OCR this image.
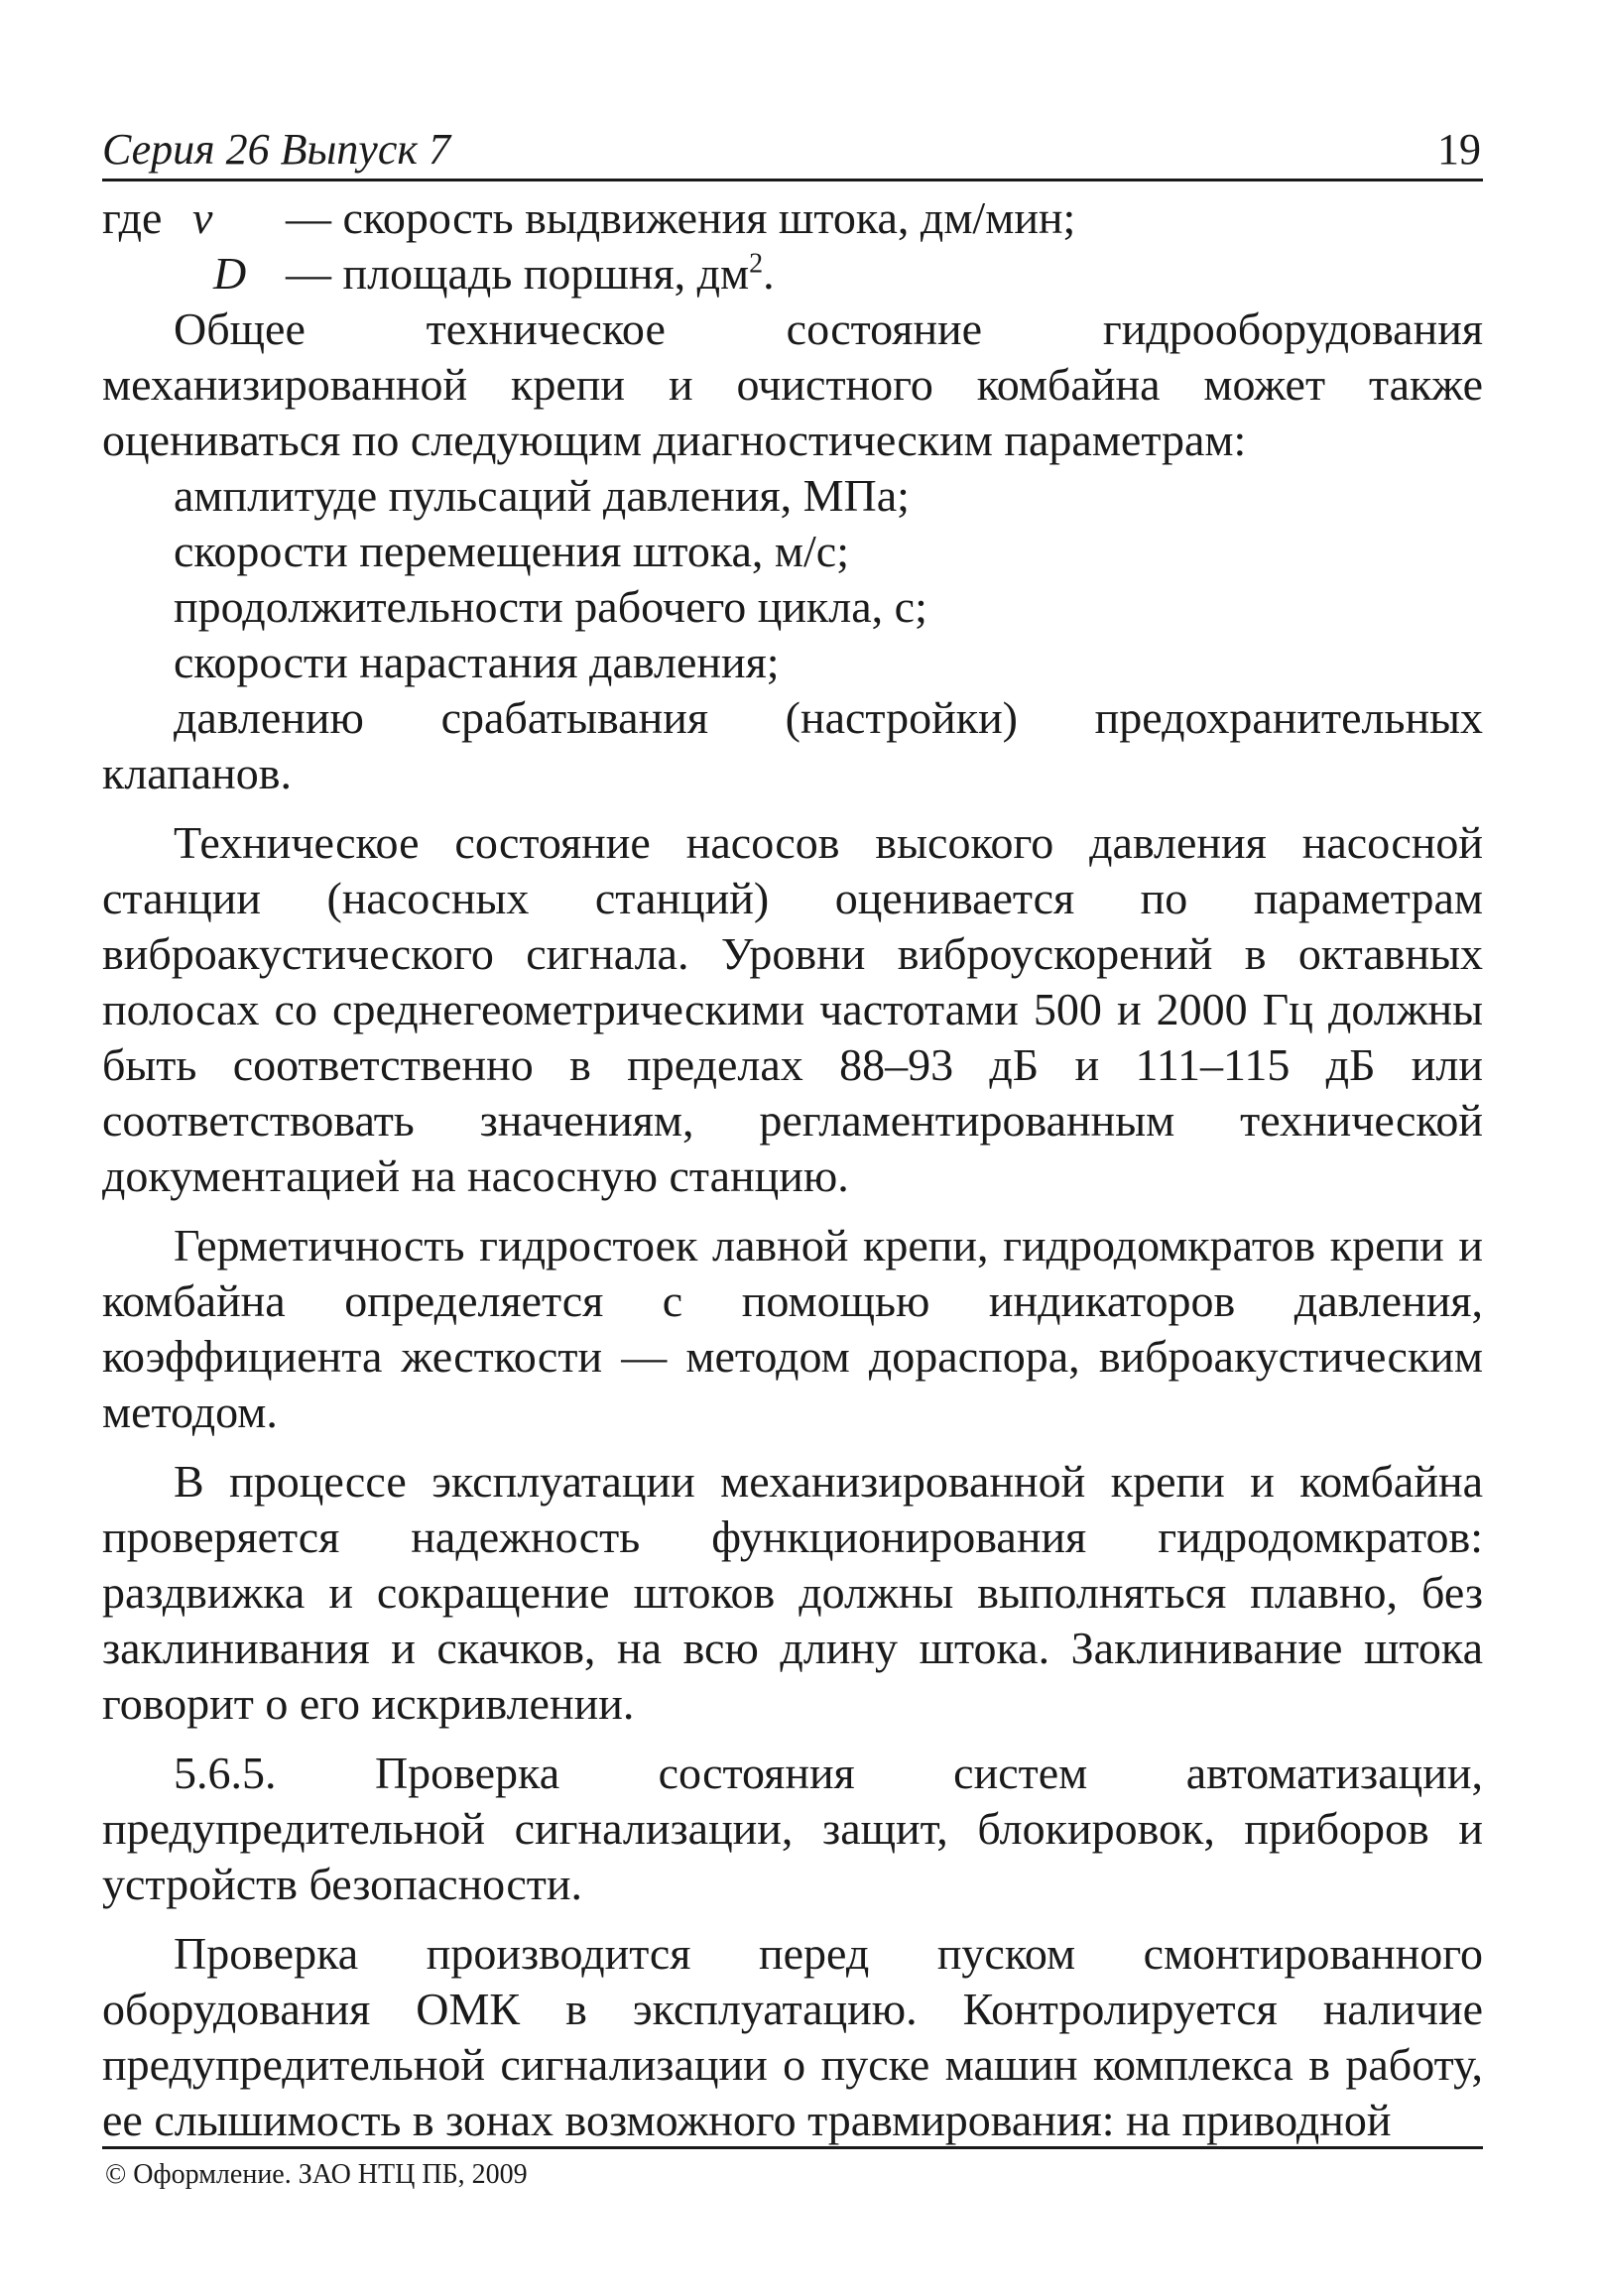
Серия 26 Выпуск 7	19
где v	— скорость выдвижения штока, дм/мин;
D — площадь поршня, $дм^2$.

Общее техническое состояние гидрооборудования механизированной крепи и очистного комбайна может также оцениваться по следующим диагностическим параметрам:

амплитуде пульсаций давления, МПа;

скорости перемещения штока, м/с;

продолжительности рабочего цикла, с;

скорости нарастания давления;

давлению срабатывания (настройки) предохранительных клапанов.

Техническое состояние насосов высокого давления насосной станции (насосных станций) оценивается по параметрам виброакустического сигнала. Уровни виброускорений в октавных полосах со среднегеометрическими частотами 500 и 2000 Гц должны быть соответственно в пределах 88–93 дБ и 111–115 дБ или соответствовать значениям, регламентированным технической документацией на насосную станцию.

Герметичность гидростоек лавной крепи, гидродомкратов крепи и комбайна определяется с помощью индикаторов давления, коэффициента жесткости — методом дораспора, виброакустическим методом.

В процессе эксплуатации механизированной крепи и комбайна проверяется надежность функционирования гидродомкратов: раздвижка и сокращение штоков должны выполняться плавно, без заклинивания и скачков, на всю длину штока. Заклинивание штока говорит о его искривлении.

5.6.5. Проверка состояния систем автоматизации, предупредительной сигнализации, защит, блокировок, приборов и устройств безопасности.

Проверка производится перед пуском смонтированного оборудования ОМК в эксплуатацию. Контролируется наличие предупредительной сигнализации о пуске машин комплекса в работу, ее слышимость в зонах возможного травмирования: на приводной

© Оформление. ЗАО НТЦ ПБ, 2009
